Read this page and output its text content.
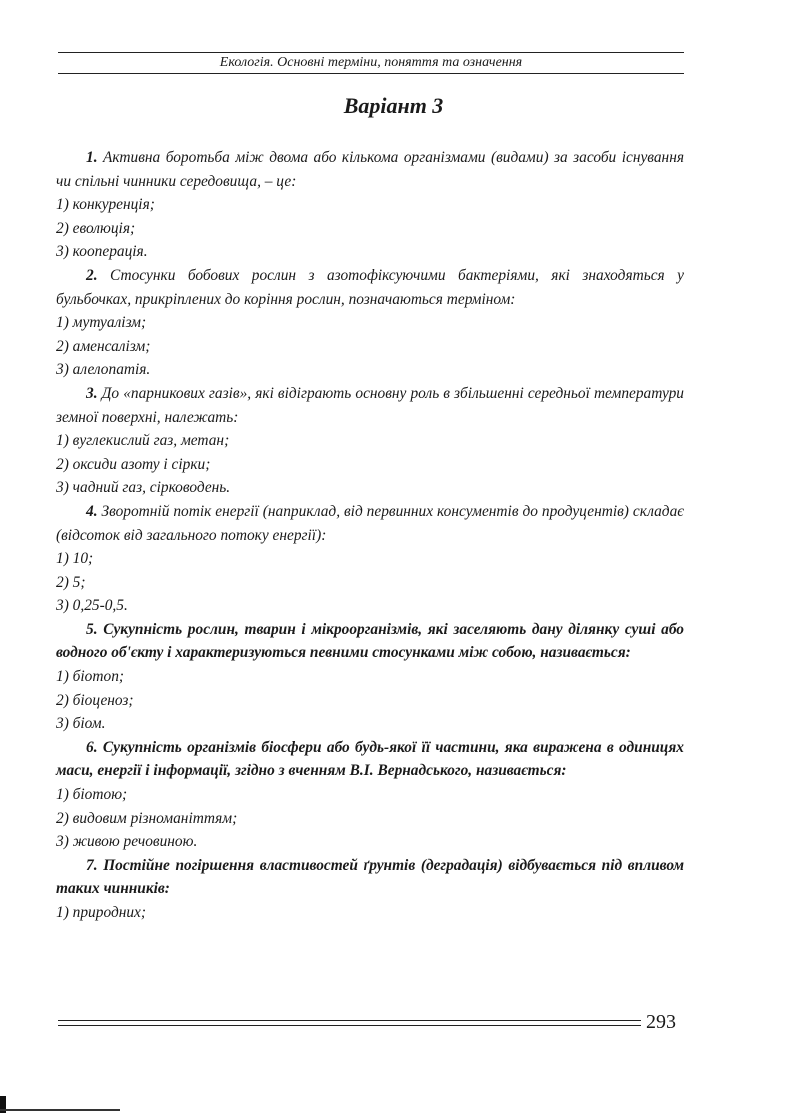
Екологія. Основні терміни, поняття та означення
Варіант 3

1. Активна боротьба між двома або кількома організмами (видами) за засоби існування чи спільні чинники середовища, – це:

1) конкуренція;

2) еволюція;

3) кооперація.

2. Стосунки бобових рослин з азотофіксуючими бактеріями, які знаходяться у бульбочках, прикріплених до коріння рослин, позначаються терміном:

1) мутуалізм;

2) аменсалізм;

3) алелопатія.

3. До «парникових газів», які відіграють основну роль в збільшенні середньої температури земної поверхні, належать:

1) вуглекислий газ, метан;

2) оксиди азоту і сірки;

3) чадний газ, сірководень.

4. Зворотній потік енергії (наприклад, від первинних консументів до продуцентів) складає (відсоток від загального потоку енергії):

1) 10;

2) 5;

3) 0,25-0,5.

5. Сукупність рослин, тварин і мікроорганізмів, які заселяють дану ділянку суші або водного об'єкту і характеризуються певними стосунками між собою, називається:

1) біотоп;

2) біоценоз;

3) біом.

6. Сукупність організмів біосфери або будь-якої її частини, яка виражена в одиницях маси, енергії і інформації, згідно з вченням В.І. Вернадського, називається:

1) біотою;

2) видовим різноманіттям;

3) живою речовиною.

7. Постійне погіршення властивостей ґрунтів (деградація) відбувається під впливом таких чинників:

1) природних;

293
